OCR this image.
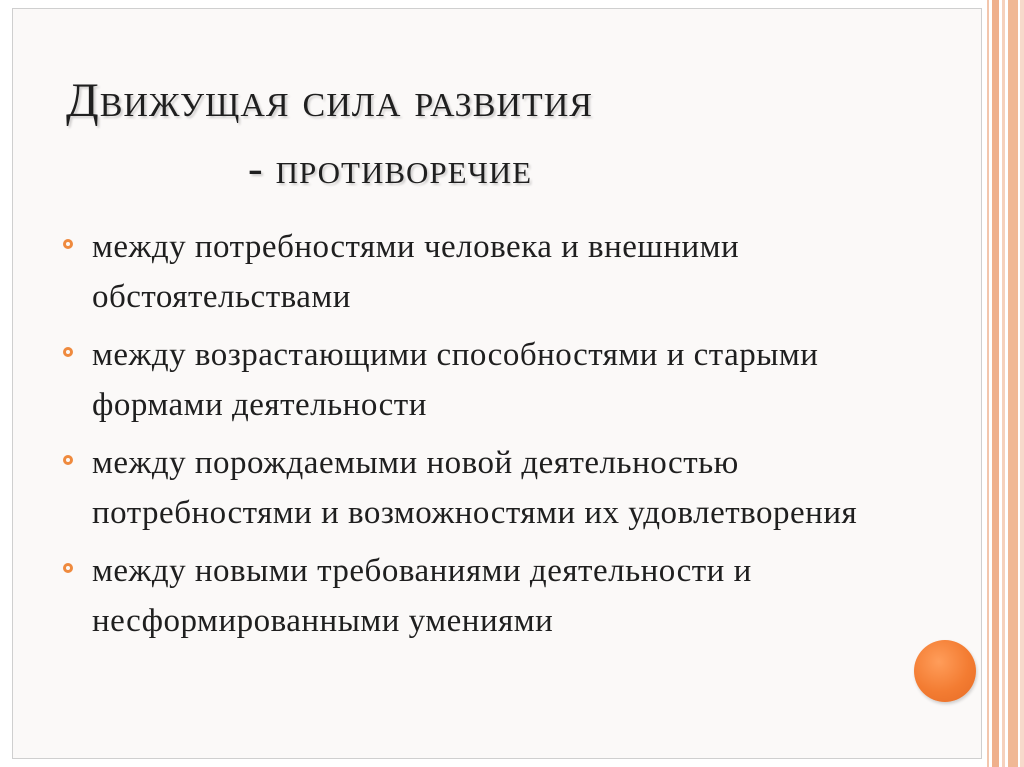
Движущая сила развития
- противоречие
между потребностями человека и внешними обстоятельствами
между возрастающими способностями и старыми формами деятельности
между порождаемыми новой деятельностью потребностями и возможностями их удовлетворения
между новыми требованиями деятельности и несформированными умениями
